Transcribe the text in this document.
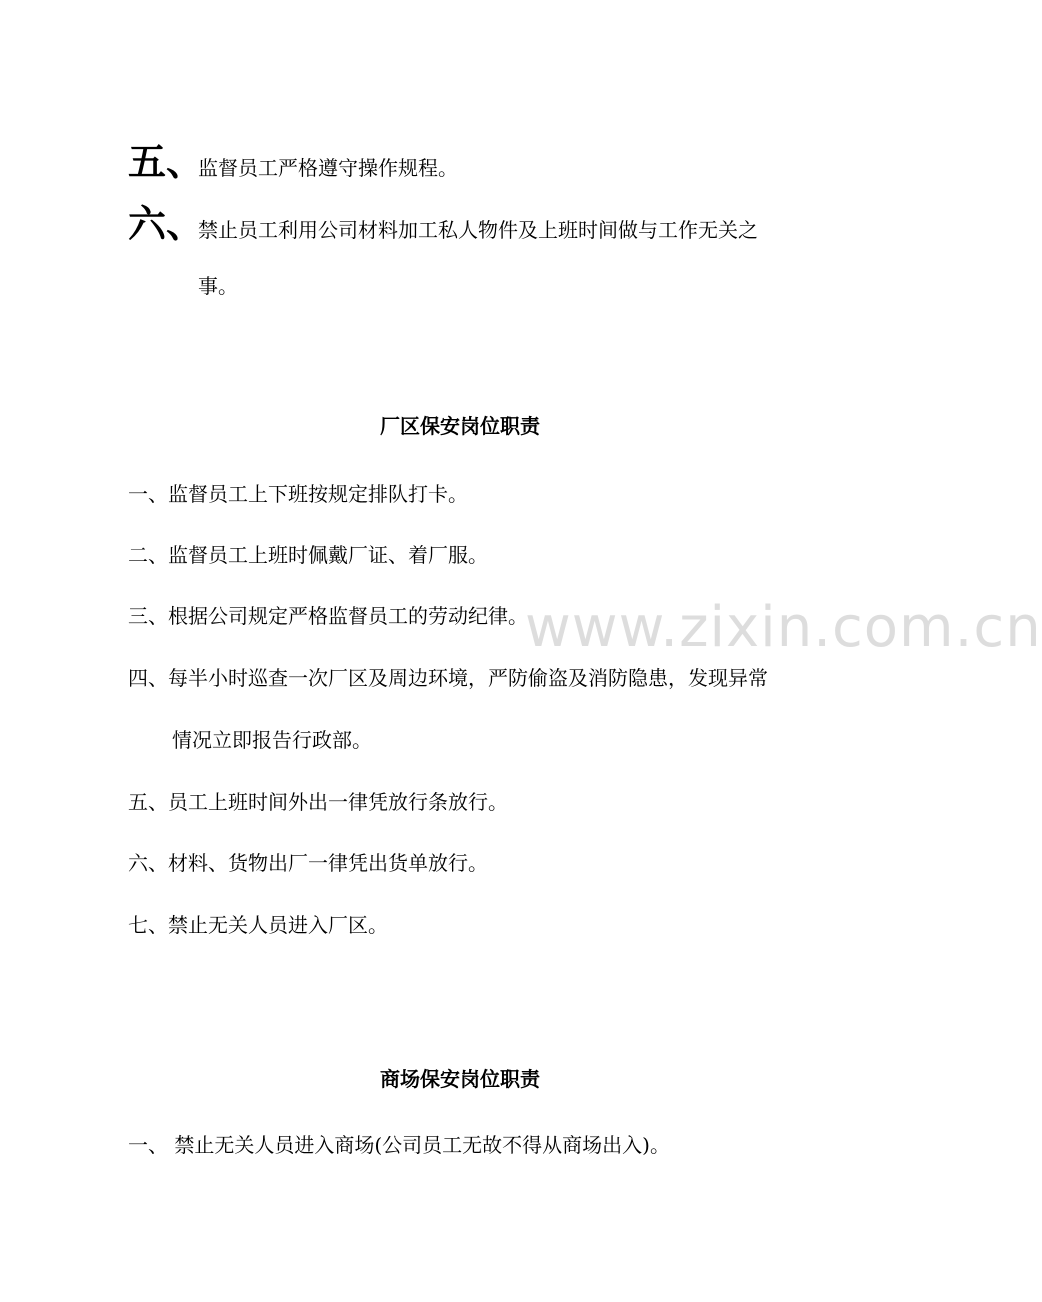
五、
监督员工严格遵守操作规程。
六、
禁止员工利用公司材料加工私人物件及上班时间做与工作无关之
事。
厂区保安岗位职责
一、监督员工上下班按规定排队打卡。
二、监督员工上班时佩戴厂证、着厂服。
三、根据公司规定严格监督员工的劳动纪律。
四、每半小时巡查一次厂区及周边环境，严防偷盗及消防隐患，发现异常
情况立即报告行政部。
五、员工上班时间外出一律凭放行条放行。
六、材料、货物出厂一律凭出货单放行。
七、禁止无关人员进入厂区。
商场保安岗位职责
一、 禁止无关人员进入商场(公司员工无故不得从商场出入)。
www.zixin.com.cn
